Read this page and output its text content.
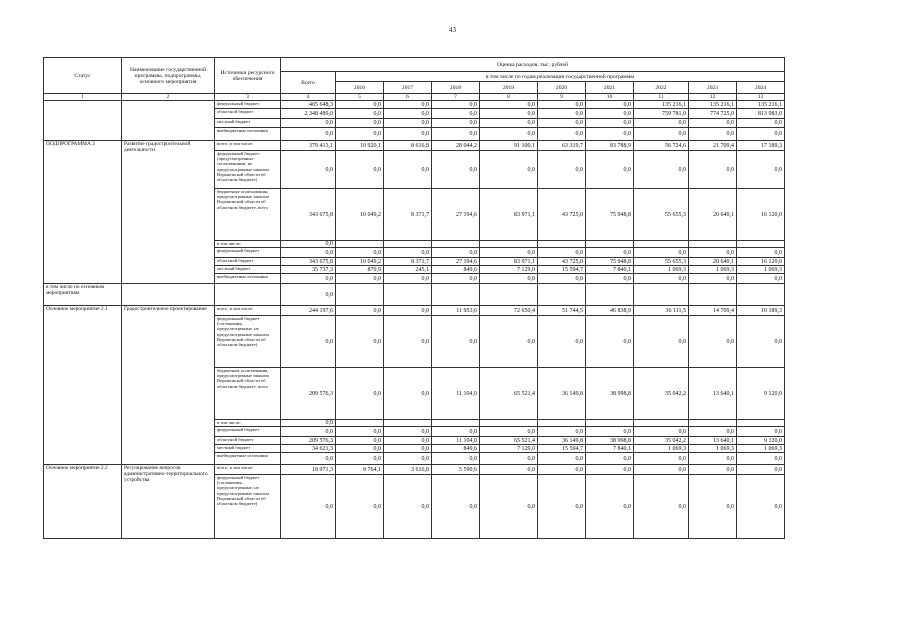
43
Статус	Наименование государственной программы, подпрограммы, основного мероприятия	Источники ресурсного обеспечения	Оценка расходов, тыс. рублей									
			Всего	в том числе по годам реализации государственной программы								
				2016	2017	2018	2019	2020	2021	2022	2023	2024
1	2	3	4	5	6	7	8	9	10	11	12	13
		федеральный бюджет	405 648,3	0,0	0,0	0,0	0,0	0,0	0,0	135 216,1	135 216,1	135 216,1
		областной бюджет	2 348 489,0	0,0	0,0	0,0	0,0	0,0	0,0	759 781,0	774 725,0	813 983,0
		местный бюджет	0,0	0,0	0,0	0,0	0,0	0,0	0,0	0,0	0,0	0,0
		внебюджетные источники	0,0	0,0	0,0	0,0	0,0	0,0	0,0	0,0	0,0	0,0
ПОДПРОГРАММА 2	Развитие градостроительной деятельности	всего, в том числе:	379 413,1	10 920,1	8 616,8	28 044,2	91 100,1	63 319,7	83 788,9	56 724,6	21 709,4	17 189,3
		федеральный бюджет (предусмотренные соглашениями, не предусмотренные законом Воронежской области об областном бюджете)	0,0	0,0	0,0	0,0	0,0	0,0	0,0	0,0	0,0	0,0
		бюджетные ассигнования, предусмотренные законом Воронежской области об областном бюджете, всего	343 675,8	10 049,2	8 371,7	27 194,6	83 971,1	43 725,0	75 948,8	55 655,3	20 640,1	16 120,0
		в том числе:	0,0									
		федеральный бюджет	0,0	0,0	0,0	0,0	0,0	0,0	0,0	0,0	0,0	0,0
		областной бюджет	343 675,8	10 049,2	8 371,7	27 194,6	83 971,1	43 725,0	75 948,8	55 655,3	20 640,1	16 120,0
		местный бюджет	35 737,3	870,9	245,1	849,6	7 129,0	15 594,7	7 840,1	1 069,3	1 069,3	1 069,3
		внебюджетные источники	0,0	0,0	0,0	0,0	0,0	0,0	0,0	0,0	0,0	0,0
в том числе по основным мероприятиям			0,0									
Основное мероприятие 2.1	Градостроительное проектирование	всего, в том числе:	244 197,6	0,0	0,0	11 953,6	72 650,4	51 744,5	46 838,9	36 111,5	14 709,4	10 189,3
		федеральный бюджет (соглашения, предусмотренные, не предусмотренные законом Воронежской области об областном бюджете)	0,0	0,0	0,0	0,0	0,0	0,0	0,0	0,0	0,0	0,0
		бюджетные ассигнования, предусмотренные законом Воронежской области об областном бюджете, всего	209 576,3	0,0	0,0	11 104,0	65 521,4	36 149,8	38 998,8	35 042,2	13 640,1	9 120,0
		в том числе:	0,0									
		федеральный бюджет	0,0	0,0	0,0	0,0	0,0	0,0	0,0	0,0	0,0	0,0
		областной бюджет	209 576,3	0,0	0,0	11 104,0	65 521,4	36 149,8	38 998,8	35 042,2	13 640,1	9 120,0
		местный бюджет	34 621,3	0,0	0,0	849,6	7 129,0	15 594,7	7 840,1	1 069,3	1 069,3	1 069,3
		внебюджетные источники	0,0	0,0	0,0	0,0	0,0	0,0	0,0	0,0	0,0	0,0
Основное мероприятие 2.2	Регулирование вопросов административно-территориального устройства	всего, в том числе:	18 971,3	9 764,1	3 616,8	5 590,6	0,0	0,0	0,0	0,0	0,0	0,0
		федеральный бюджет (соглашения, предусмотренные, не предусмотренные законом Воронежской области об областном бюджете)	0,0	0,0	0,0	0,0	0,0	0,0	0,0	0,0	0,0	0,0
